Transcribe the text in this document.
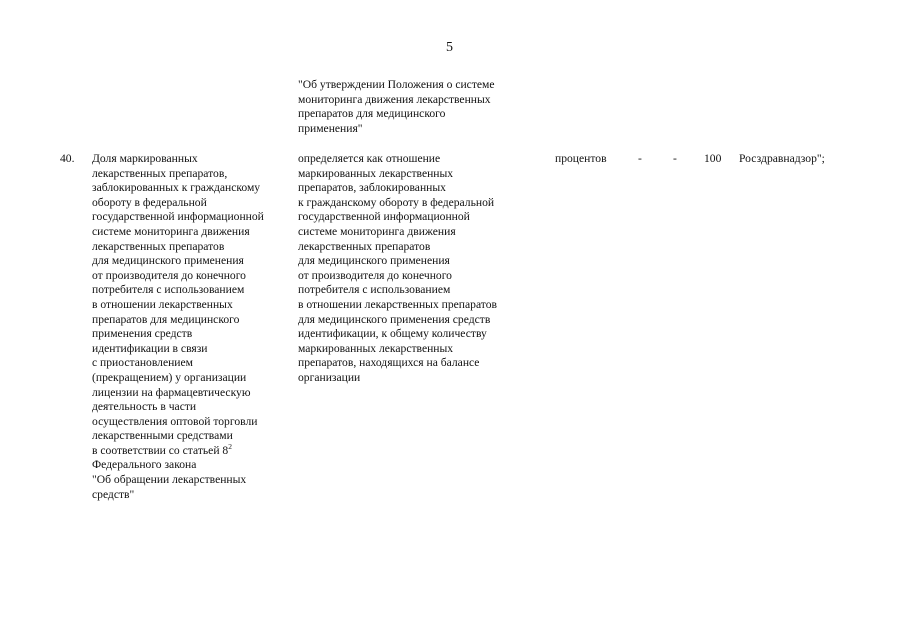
5
"Об утверждении Положения о системе
мониторинга движения лекарственных
препаратов для медицинского
применения"
40. Доля маркированных
лекарственных препаратов,
заблокированных к гражданскому
обороту в федеральной
государственной информационной
системе мониторинга движения
лекарственных препаратов
для медицинского применения
от производителя до конечного
потребителя с использованием
в отношении лекарственных
препаратов для медицинского
применения средств
идентификации в связи
с приостановлением
(прекращением) у организации
лицензии на фармацевтическую
деятельность в части
осуществления оптовой торговли
лекарственными средствами
в соответствии со статьей $8^2$
Федерального закона
"Об обращении лекарственных
средств"
определяется как отношение
маркированных лекарственных
препаратов, заблокированных
к гражданскому обороту в федеральной
государственной информационной
системе мониторинга движения
лекарственных препаратов
для медицинского применения
от производителя до конечного
потребителя с использованием
в отношении лекарственных препаратов
для медицинского применения средств
идентификации, к общему количеству
маркированных лекарственных
препаратов, находящихся на балансе
организации
процентов	-	- 100 Росздравнадзор";
